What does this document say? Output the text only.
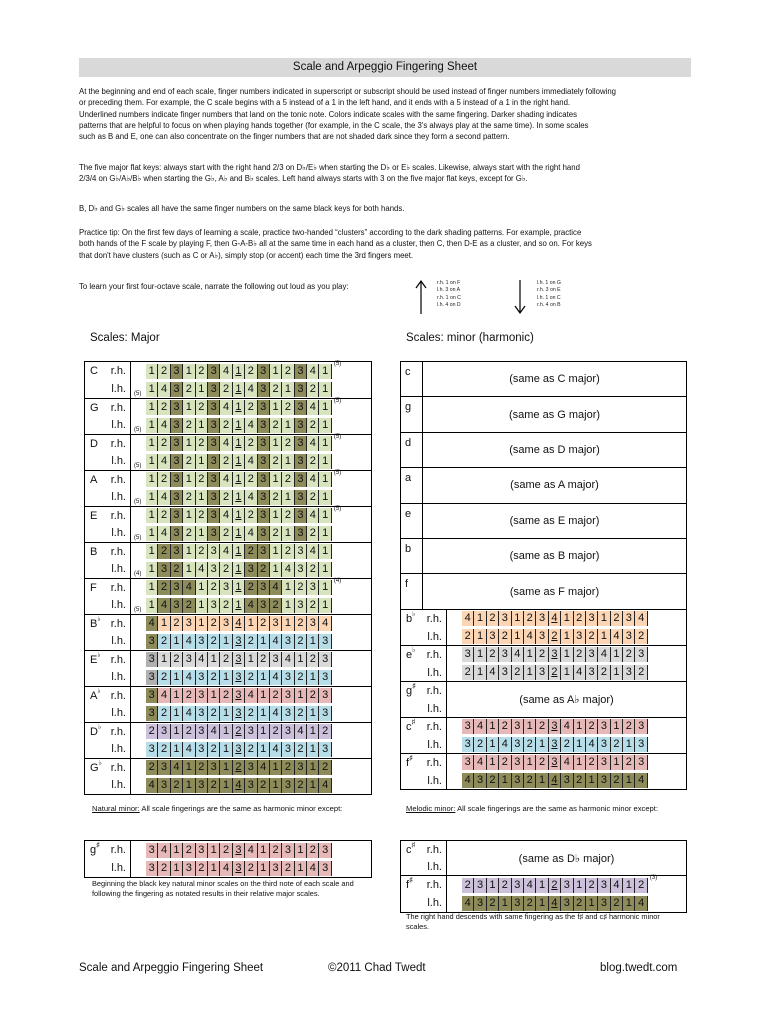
Scale and Arpeggio Fingering Sheet
At the beginning and end of each scale, finger numbers indicated in superscript or subscript should be used instead of finger numbers immediately following
or preceding them. For example, the C scale begins with a 5 instead of a 1 in the left hand, and it ends with a 5 instead of a 1 in the right hand.
Underlined numbers indicate finger numbers that land on the tonic note. Colors indicate scales with the same fingering. Darker shading indicates
patterns that are helpful to focus on when playing hands together (for example, in the C scale, the 3's always play at the same time). In some scales
such as B and E, one can also concentrate on the finger numbers that are not shaded dark since they form a second pattern.
The five major flat keys: always start with the right hand 2/3 on D♭/E♭ when starting the D♭ or E♭ scales. Likewise, always start with the right hand
2/3/4 on G♭/A♭/B♭ when starting the G♭, A♭ and B♭ scales. Left hand always starts with 3 on the five major flat keys, except for G♭.
B, D♭ and G♭ scales all have the same finger numbers on the same black keys for both hands.
Practice tip: On the first few days of learning a scale, practice two-handed “clusters” according to the dark shading patterns. For example, practice
both hands of the F scale by playing F, then G-A-B♭ all at the same time in each hand as a cluster, then C, then D-E as a cluster, and so on. For keys
that don't have clusters (such as C or A♭), simply stop (or accent) each time the 3rd fingers meet.
To learn your first four-octave scale, narrate the following out loud as you play:	r.h. 1 on F
l.h. 3 on A
r.h. 1 on C
l.h. 4 on D
l.h. 1 on G
r.h. 3 on E
l.h. 1 on C
r.h. 4 on B
Scales: Major	Scales: minor (harmonic)
C r.h. 1 2 3 1 2 3 4 1 2 3 1 2 3 4 1
(5)
l.h. (5) 1 4 3 2 1 3 2 1 4 3 2 1 3 2 1
G r.h. 1 2 3 1 2 3 4 1 2 3 1 2 3 4 1 (5)
l.h. (5) 1 4 3 2 1 3 2 1 4 3 2 1 3 2 1
D r.h. 1 2 3 1 2 3 4 1 2 3 1 2 3 4 1 (5)
l.h. (5) 1 4 3 2 1 3 2 1 4 3 2 1 3 2 1
A r.h. 1 2 3 1 2 3 4 1 2 3 1 2 3 4 1 (5)
l.h. (5) 1 4 3 2 1 3 2 1 4 3 2 1 3 2 1
E r.h. 1 2 3 1 2 3 4 1 2 3 1 2 3 4 1 (5)
l.h. (5) 1 4 3 2 1 3 2 1 4 3 2 1 3 2 1
B r.h. 1 2 3 1 2 3 4 1 2 3 1 2 3 4 1
l.h. (4) 1 3 2 1 4 3 2 1 3 2 1 4 3 2 1
F r.h. 1 2 3 4 1 2 3 1 2 3 4 1 2 3 1 (4)
l.h. (5) 1 4 3 2 1 3 2 1 4 3 2 1 3 2 1
B♭ r.h. 4 1 2 3 1 2 3 4 1 2 3 1 2 3 4
l.h. 3 2 1 4 3 2 1 3 2 1 4 3 2 1 3
E♭ r.h. 3 1 2 3 4 1 2 3 1 2 3 4 1 2 3
l.h. 3 2 1 4 3 2 1 3 2 1 4 3 2 1 3
A♭ r.h. 3 4 1 2 3 1 2 3 4 1 2 3 1 2 3
l.h. 3 2 1 4 3 2 1 3 2 1 4 3 2 1 3
D♭ r.h. 2 3 1 2 3 4 1 2 3 1 2 3 4 1 2
l.h. 3 2 1 4 3 2 1 3 2 1 4 3 2 1 3
G♭ r.h. 2 3 4 1 2 3 1 2 3 4 1 2 3 1 2
l.h. 4 3 2 1 3 2 1 4 3 2 1 3 2 1 4
c
(same as C major)
g
(same as G major)
d
(same as D major)
a
(same as A major)
e
(same as E major)
b
(same as B major)
f
(same as F major)
b♭ r.h. 4 1 2 3 1 2 3 4 1 2 3 1 2 3 4
l.h. 2 1 3 2 1 4 3 2 1 3 2 1 4 3 2
e♭ r.h. 3 1 2 3 4 1 2 3 1 2 3 4 1 2 3
l.h. 2 1 4 3 2 1 3 2 1 4 3 2 1 3 2
g♯ r.h.
l.h.
(same as A♭ major)
c♯ r.h. 3 4 1 2 3 1 2 3 4 1 2 3 1 2 3
l.h. 3 2 1 4 3 2 1 3 2 1 4 3 2 1 3
f♯ r.h. 3 4 1 2 3 1 2 3 4 1 2 3 1 2 3
l.h. 4 3 2 1 3 2 1 4 3 2 1 3 2 1 4
Natural minor: All scale fingerings are the same as harmonic minor except:
g♯ r.h. 3 4 1 2 3 1 2 3 4 1 2 3 1 2 3
l.h. 3 2 1 3 2 1 4 3 2 1 3 2 1 4 3
Beginning the black key natural minor scales on the third note of each scale and following the fingering as notated results in their relative major scales.
Melodic minor: All scale fingerings are the same as harmonic minor except:
c♯ r.h.
l.h.
(same as D♭ major)
f♯ r.h. 2 3 1 2 3 4 1 2 3 1 2 3 4 1 2
(3)
l.h. 4 3 2 1 3 2 1 4 3 2 1 3 2 1 4
The right hand descends with same fingering as the f♯ and c♯ harmonic minor scales.
Scale and Arpeggio Fingering Sheet	©2011 Chad Twedt	blog.twedt.com
